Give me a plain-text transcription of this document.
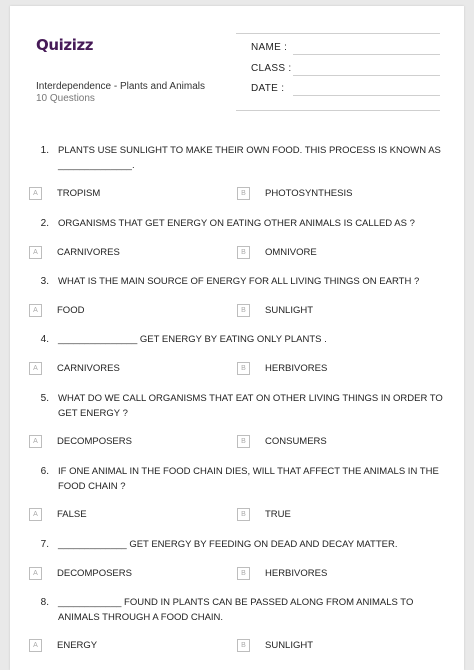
Quizizz
Interdependence - Plants and Animals
10 Questions
NAME :
CLASS :
DATE :
1. PLANTS USE SUNLIGHT TO MAKE THEIR OWN FOOD. THIS PROCESS IS KNOWN AS ______________.
A	TROPISM	B	PHOTOSYNTHESIS
2. ORGANISMS THAT GET ENERGY ON EATING OTHER ANIMALS IS CALLED AS ?
A	CARNIVORES	B	OMNIVORE
3. WHAT IS THE MAIN SOURCE OF ENERGY FOR ALL LIVING THINGS ON EARTH ?
A	FOOD	B	SUNLIGHT
4. _______________ GET ENERGY BY EATING ONLY PLANTS .
A	CARNIVORES	B	HERBIVORES
5. WHAT DO WE CALL ORGANISMS THAT EAT ON OTHER LIVING THINGS IN ORDER TO GET ENERGY ?
A	DECOMPOSERS	B	CONSUMERS
6. IF ONE ANIMAL IN THE FOOD CHAIN DIES, WILL THAT AFFECT THE ANIMALS IN THE FOOD CHAIN ?
A	FALSE	B	TRUE
7. _____________ GET ENERGY BY FEEDING ON DEAD AND DECAY MATTER.
A	DECOMPOSERS	B	HERBIVORES
8. ____________ FOUND IN PLANTS CAN BE PASSED ALONG FROM ANIMALS TO ANIMALS THROUGH A FOOD CHAIN.
A	ENERGY	B	SUNLIGHT
